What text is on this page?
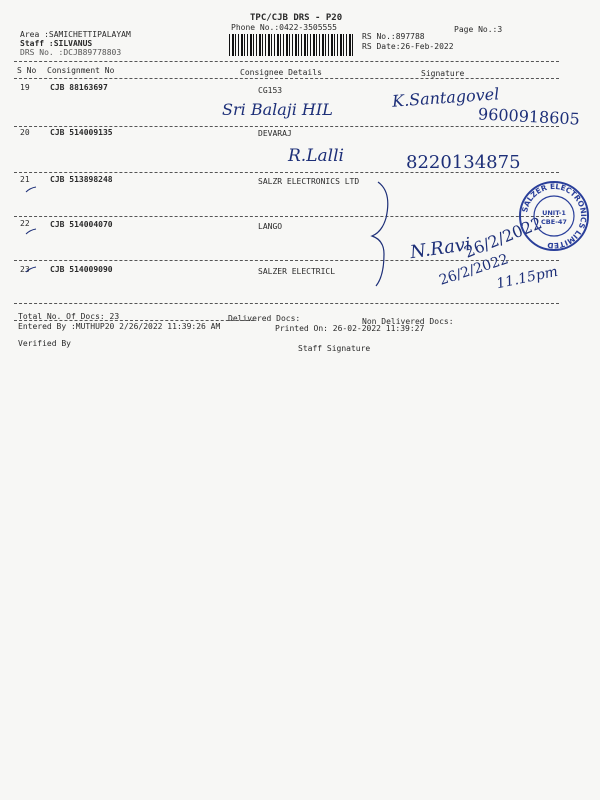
TPC/CJB DRS - P20
Phone No.:0422-3505555	Page No.:3
Area :SAMICHETTIPALAYAM
Staff :SILVANUS
DRS No. :DCJB89778803
RS No.:897788
RS Date:26-Feb-2022
S No Consignment No	Consignee Details	Signature
19	CJB 88163697	CG153
Sri Balaji HIL	K.Santagovel
9600918605
20	CJB 514009135	DEVARAJ
R.Lalli	8220134875
21	CJB 513898248	SALZR ELECTRONICS LTD
22	CJB 514004070	LANGO
23	CJB 514009090	SALZER ELECTRICL
N.Ravi
26/2/2022
26/2/2022
11.15pm
SALZER ELECTRONICS LIMITED
UNIT-1
CBE-47
Total No. Of Docs: 23	Delivered Docs:	Non Delivered Docs:
Entered By :MUTHUP20 2/26/2022 11:39:26 AM	Printed On: 26-02-2022 11:39:27
Verified By
Staff Signature
